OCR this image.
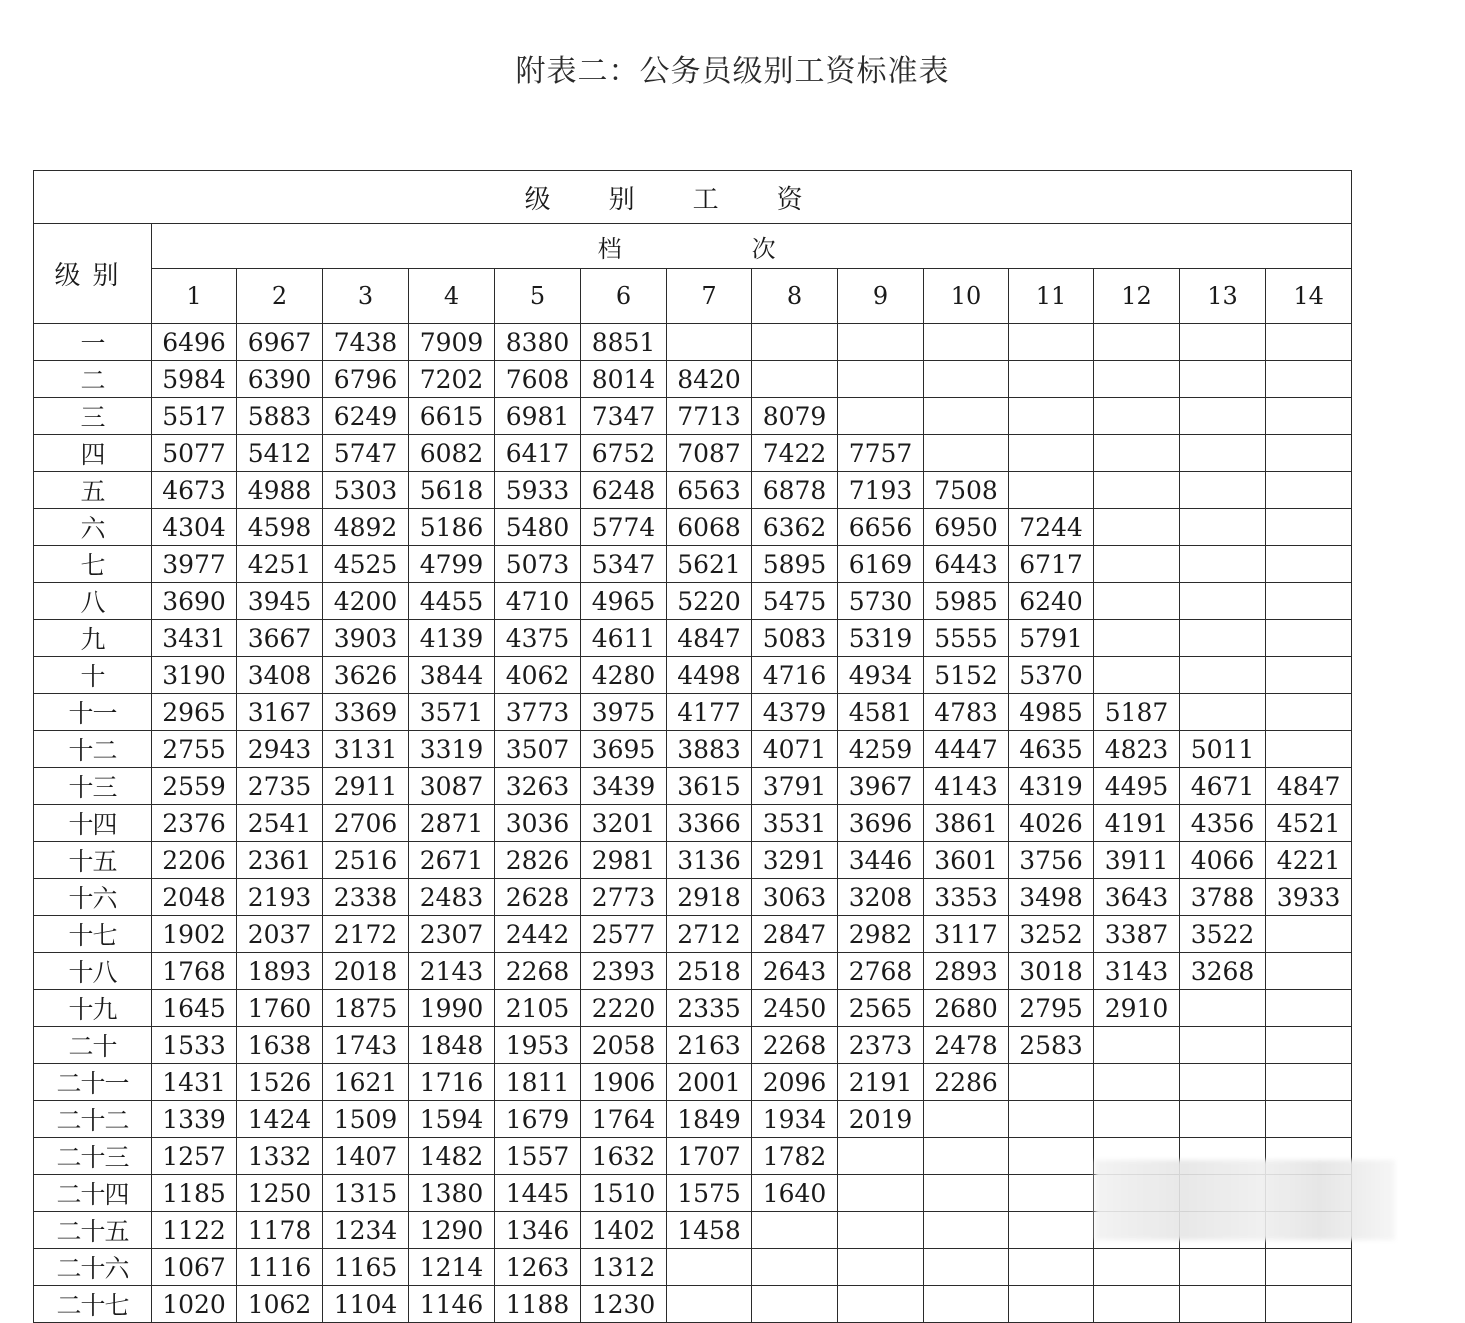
附表二：公务员级别工资标准表
级别工资														
级别	档次													
	1	2	3	4	5	6	7	8	9	10	11	12	13	14
一	6496	6967	7438	7909	8380	8851								
二	5984	6390	6796	7202	7608	8014	8420							
三	5517	5883	6249	6615	6981	7347	7713	8079						
四	5077	5412	5747	6082	6417	6752	7087	7422	7757					
五	4673	4988	5303	5618	5933	6248	6563	6878	7193	7508				
六	4304	4598	4892	5186	5480	5774	6068	6362	6656	6950	7244			
七	3977	4251	4525	4799	5073	5347	5621	5895	6169	6443	6717			
八	3690	3945	4200	4455	4710	4965	5220	5475	5730	5985	6240			
九	3431	3667	3903	4139	4375	4611	4847	5083	5319	5555	5791			
十	3190	3408	3626	3844	4062	4280	4498	4716	4934	5152	5370			
十一	2965	3167	3369	3571	3773	3975	4177	4379	4581	4783	4985	5187		
十二	2755	2943	3131	3319	3507	3695	3883	4071	4259	4447	4635	4823	5011	
十三	2559	2735	2911	3087	3263	3439	3615	3791	3967	4143	4319	4495	4671	4847
十四	2376	2541	2706	2871	3036	3201	3366	3531	3696	3861	4026	4191	4356	4521
十五	2206	2361	2516	2671	2826	2981	3136	3291	3446	3601	3756	3911	4066	4221
十六	2048	2193	2338	2483	2628	2773	2918	3063	3208	3353	3498	3643	3788	3933
十七	1902	2037	2172	2307	2442	2577	2712	2847	2982	3117	3252	3387	3522	
十八	1768	1893	2018	2143	2268	2393	2518	2643	2768	2893	3018	3143	3268	
十九	1645	1760	1875	1990	2105	2220	2335	2450	2565	2680	2795	2910		
二十	1533	1638	1743	1848	1953	2058	2163	2268	2373	2478	2583			
二十一	1431	1526	1621	1716	1811	1906	2001	2096	2191	2286				
二十二	1339	1424	1509	1594	1679	1764	1849	1934	2019					
二十三	1257	1332	1407	1482	1557	1632	1707	1782						
二十四	1185	1250	1315	1380	1445	1510	1575	1640						
二十五	1122	1178	1234	1290	1346	1402	1458							
二十六	1067	1116	1165	1214	1263	1312								
二十七	1020	1062	1104	1146	1188	1230								
